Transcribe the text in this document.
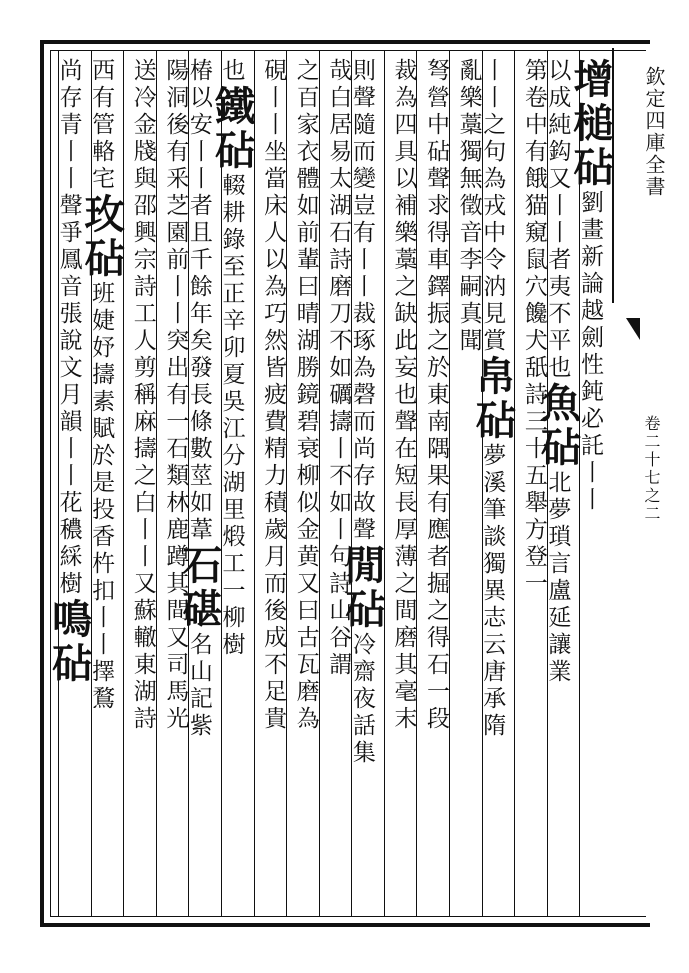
欽定四庫全書
卷二十七之二
增槌砧劉畫新論越劍性鈍必託丨丨
以成純鈎又丨丨者夷不平也魚砧北夢瑣言盧延讓業
第卷中有餓猫窺鼠穴饞犬舐詩三十五舉方登一
丨丨之句為戎中令汭見賞帛砧夢溪筆談獨異志云唐承隋
亂樂藁獨無徵音李嗣真聞
弩營中砧聲求得車鐸振之於東南隅果有應者掘之得石一段
裁為四具以補樂藁之缺此妄也聲在短長厚薄之間磨其毫末
則聲隨而變豈有丨丨裁琢為磬而尚存故聲閒砧冷齋夜話集
哉白居易太湖石詩磨刀不如礪擣丨不如丨句詩山谷謂
之百家衣體如前輩曰晴湖勝鏡碧衰柳似金黄又曰古瓦磨為
硯丨丨坐當床人以為巧然皆疲費精力積歲月而後成不足貴
也鐵砧輟耕錄至正辛卯夏吳江分湖里煅工一柳樹
椿以安丨丨者且千餘年矣發長條數莖如葦石碪名山記紫
陽洞後有釆芝園前丨丨突出有一石類林鹿蹲其間又司馬光
送冷金牋與邵興宗詩工人剪稱麻擣之白丨丨又蘇轍東湖詩
西有管輅宅玫砧班婕妤擣素賦於是投香杵扣丨丨擇鶩
尚存青丨丨聲爭鳳音張說文月韻丨丨花穠綵樹鳴砧
